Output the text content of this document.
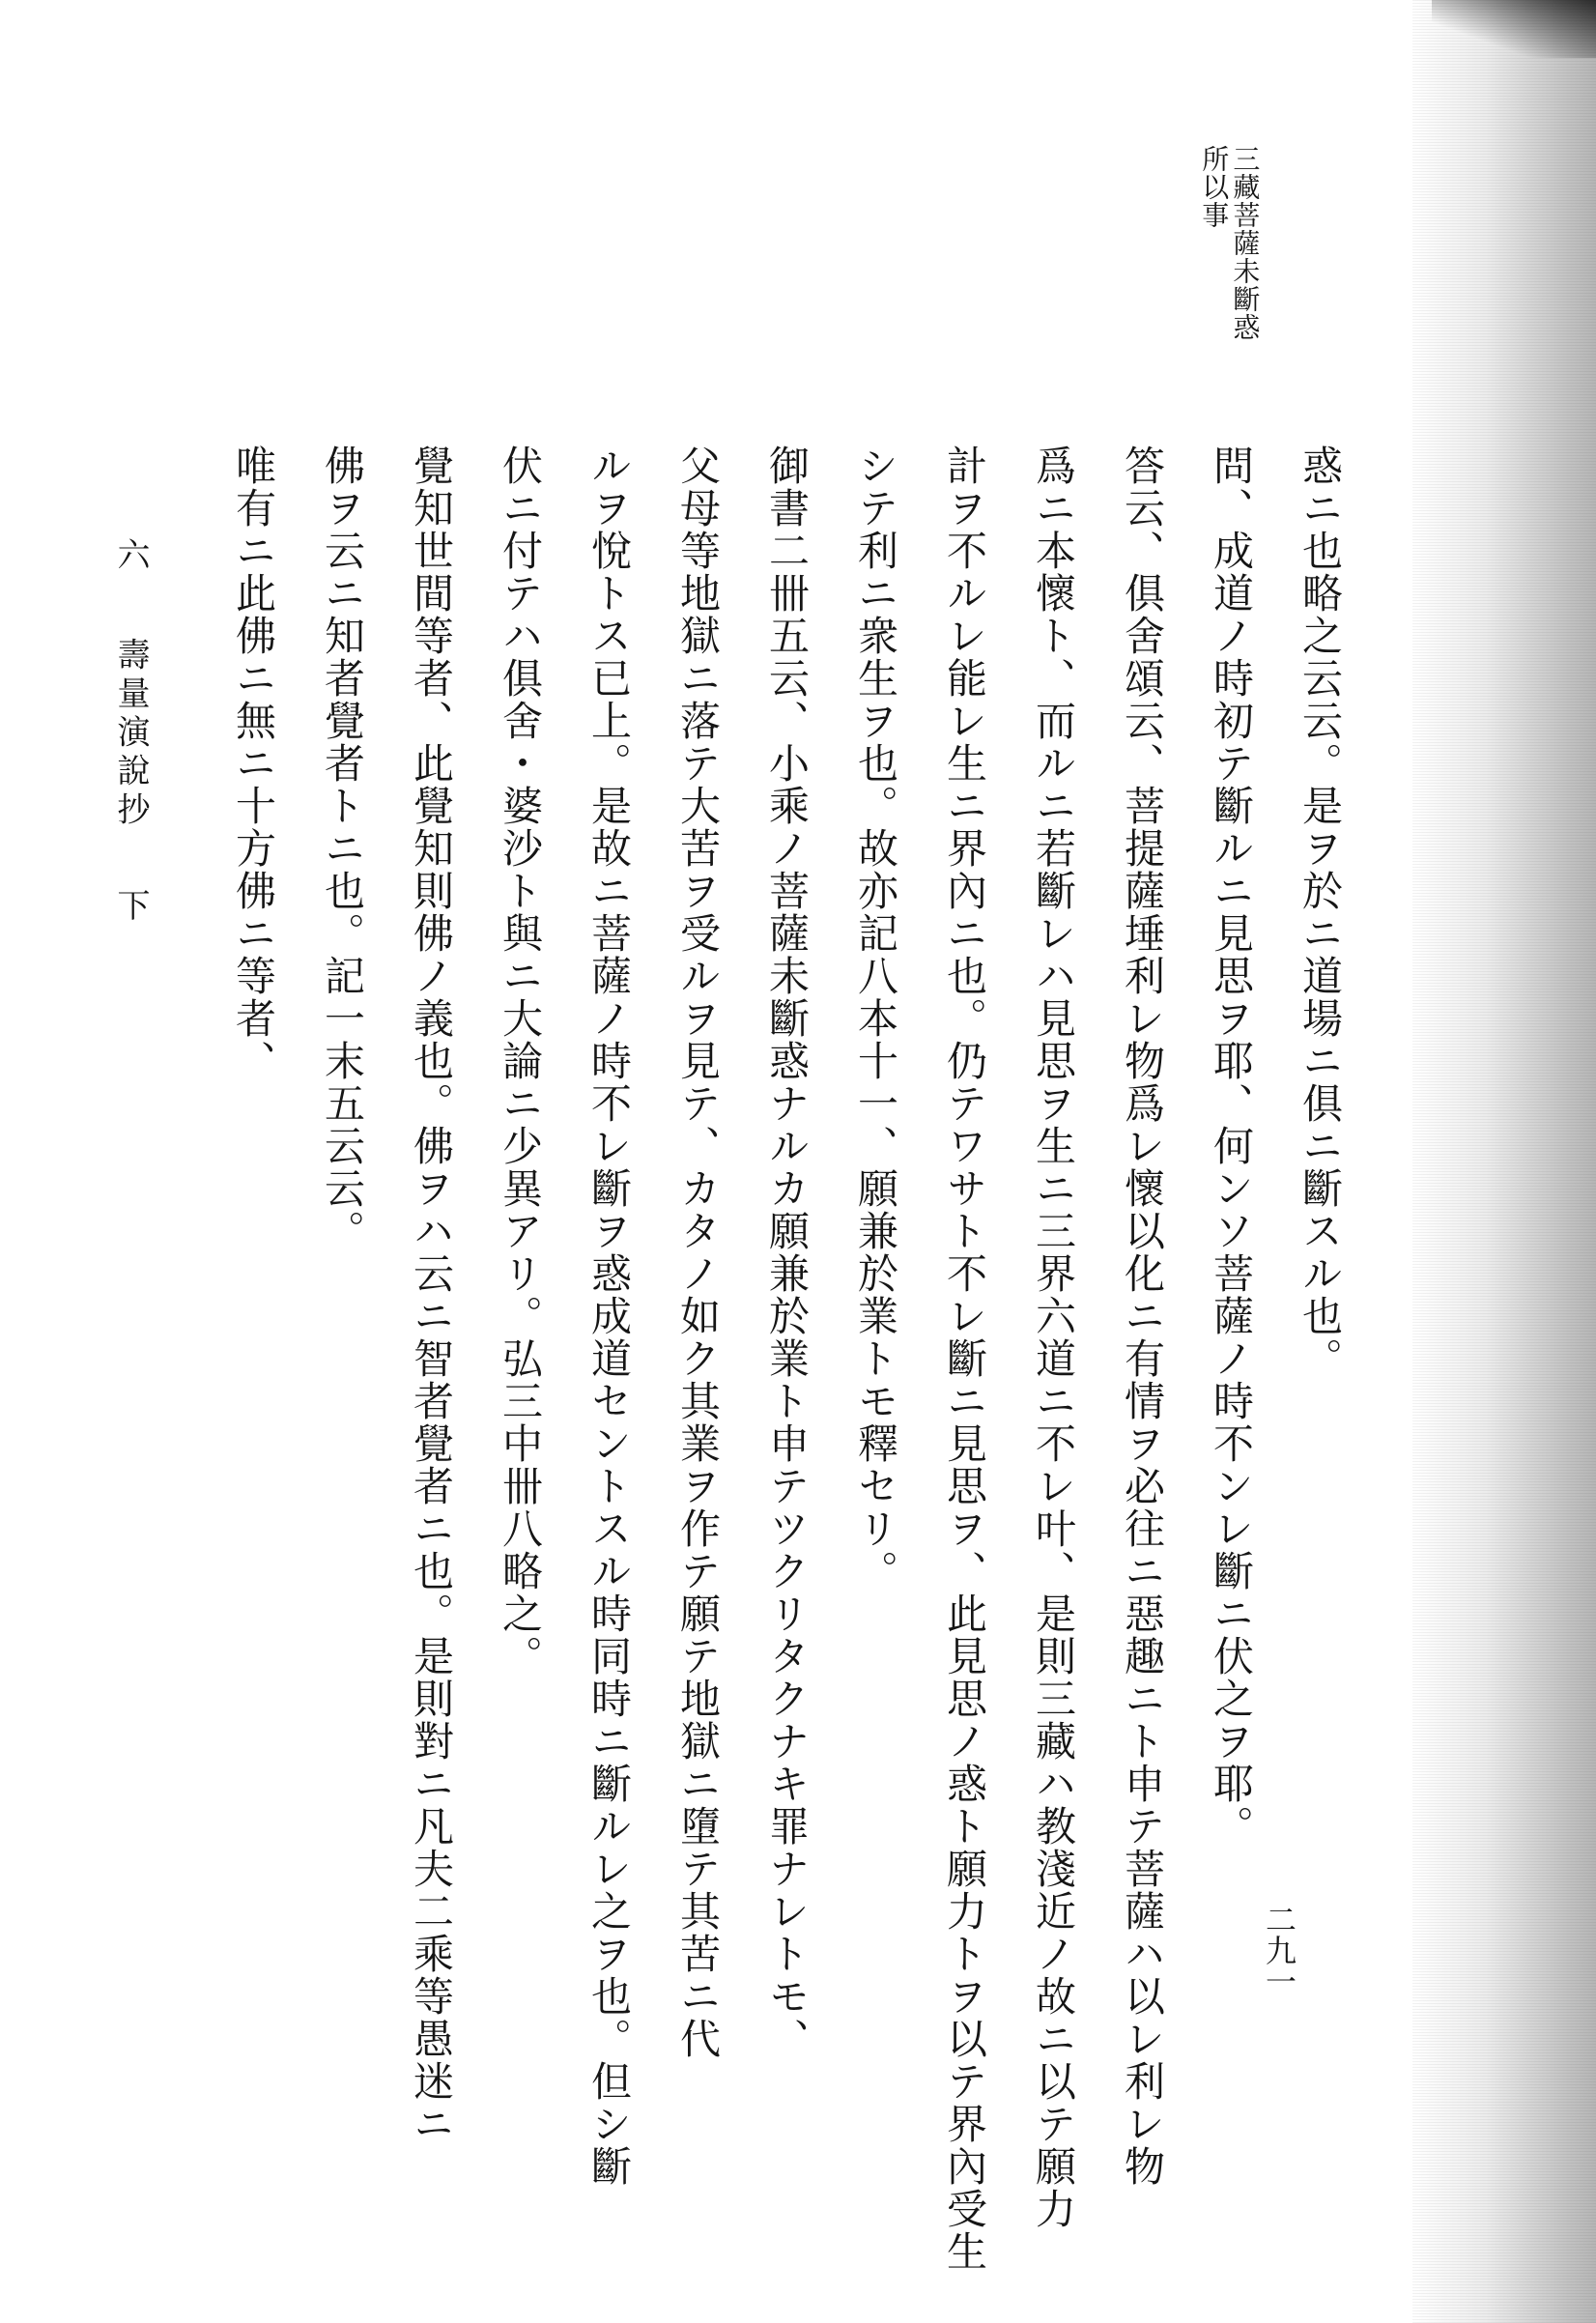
三藏菩薩未斷惑
所以事
惑ニ也略之云云。是ヲ於ニ道場ニ俱ニ斷スル也。
問、成道ノ時初テ斷ルニ見思ヲ耶、何ンソ菩薩ノ時不ンレ斷ニ伏之ヲ耶。
答云、俱舍頌云、菩提薩埵利レ物爲レ懷以化ニ有情ヲ必往ニ惡趣ニト申テ菩薩ハ以レ利レ物
爲ニ本懷ト、而ルニ若斷レハ見思ヲ生ニ三界六道ニ不レ叶、是則三藏ハ教淺近ノ故ニ以テ願力
計ヲ不ルレ能レ生ニ界內ニ也。仍テワサト不レ斷ニ見思ヲ、此見思ノ惑ト願力トヲ以テ界內受生
シテ利ニ衆生ヲ也。故亦記八本十一、願兼於業トモ釋セリ。
御書二卌五云、小乘ノ菩薩未斷惑ナルカ願兼於業ト申テツクリタクナキ罪ナレトモ、
父母等地獄ニ落テ大苦ヲ受ルヲ見テ、カタノ如ク其業ヲ作テ願テ地獄ニ墮テ其苦ニ代
ルヲ悅トス已上。是故ニ菩薩ノ時不レ斷ヲ惑成道セントスル時同時ニ斷ルレ之ヲ也。但シ斷
伏ニ付テハ俱舍・婆沙ト與ニ大論ニ少異アリ。弘三中卌八略之。
覺知世間等者、此覺知則佛ノ義也。佛ヲハ云ニ智者覺者ニ也。是則對ニ凡夫二乘等愚迷ニ
佛ヲ云ニ知者覺者トニ也。記一末五云云。
唯有ニ此佛ニ無ニ十方佛ニ等者、
六  壽量演說抄  下
二九一
